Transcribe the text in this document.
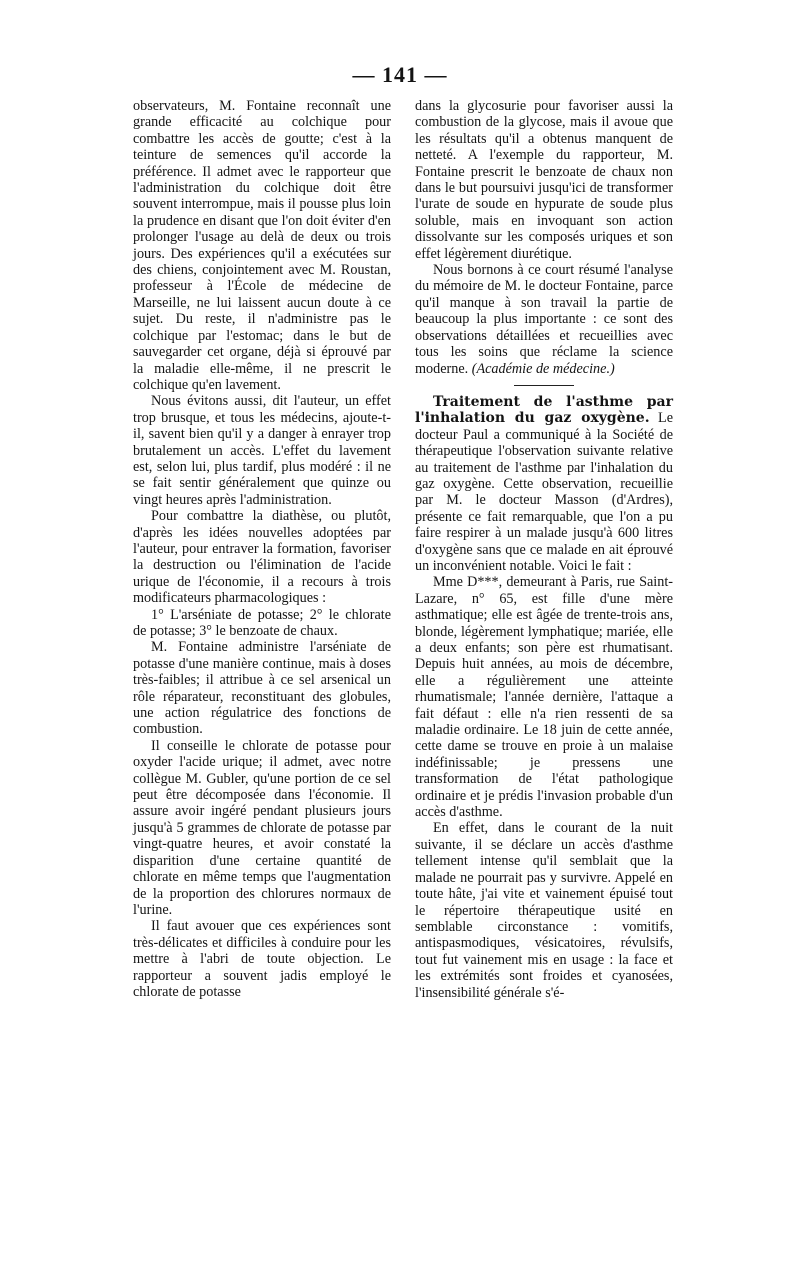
— 141 —

observateurs, M. Fontaine reconnaît une grande efficacité au colchique pour combattre les accès de goutte; c'est à la teinture de semences qu'il accorde la préférence. Il admet avec le rapporteur que l'administration du colchique doit être souvent interrompue, mais il pousse plus loin la prudence en disant que l'on doit éviter d'en prolonger l'usage au delà de deux ou trois jours. Des expériences qu'il a exécutées sur des chiens, conjointement avec M. Roustan, professeur à l'École de médecine de Marseille, ne lui laissent aucun doute à ce sujet. Du reste, il n'administre pas le colchique par l'estomac; dans le but de sauvegarder cet organe, déjà si éprouvé par la maladie elle-même, il ne prescrit le colchique qu'en lavement.

Nous évitons aussi, dit l'auteur, un effet trop brusque, et tous les médecins, ajoute-t-il, savent bien qu'il y a danger à enrayer trop brutalement un accès. L'effet du lavement est, selon lui, plus tardif, plus modéré : il ne se fait sentir généralement que quinze ou vingt heures après l'administration.

Pour combattre la diathèse, ou plutôt, d'après les idées nouvelles adoptées par l'auteur, pour entraver la formation, favoriser la destruction ou l'élimination de l'acide urique de l'économie, il a recours à trois modificateurs pharmacologiques :

1° L'arséniate de potasse; 2° le chlorate de potasse; 3° le benzoate de chaux.

M. Fontaine administre l'arséniate de potasse d'une manière continue, mais à doses très-faibles; il attribue à ce sel arsenical un rôle réparateur, reconstituant des globules, une action régulatrice des fonctions de combustion.

Il conseille le chlorate de potasse pour oxyder l'acide urique; il admet, avec notre collègue M. Gubler, qu'une portion de ce sel peut être décomposée dans l'économie. Il assure avoir ingéré pendant plusieurs jours jusqu'à 5 grammes de chlorate de potasse par vingt-quatre heures, et avoir constaté la disparition d'une certaine quantité de chlorate en même temps que l'augmentation de la proportion des chlorures normaux de l'urine.

Il faut avouer que ces expériences sont très-délicates et difficiles à conduire pour les mettre à l'abri de toute objection. Le rapporteur a souvent jadis employé le chlorate de potasse

dans la glycosurie pour favoriser aussi la combustion de la glycose, mais il avoue que les résultats qu'il a obtenus manquent de netteté. A l'exemple du rapporteur, M. Fontaine prescrit le benzoate de chaux non dans le but poursuivi jusqu'ici de transformer l'urate de soude en hypurate de soude plus soluble, mais en invoquant son action dissolvante sur les composés uriques et son effet légèrement diurétique.

Nous bornons à ce court résumé l'analyse du mémoire de M. le docteur Fontaine, parce qu'il manque à son travail la partie de beaucoup la plus importante : ce sont des observations détaillées et recueillies avec tous les soins que réclame la science moderne. (Académie de médecine.)

Traitement de l'asthme par l'inhalation du gaz oxygène. Le docteur Paul a communiqué à la Société de thérapeutique l'observation suivante relative au traitement de l'asthme par l'inhalation du gaz oxygène. Cette observation, recueillie par M. le docteur Masson (d'Ardres), présente ce fait remarquable, que l'on a pu faire respirer à un malade jusqu'à 600 litres d'oxygène sans que ce malade en ait éprouvé un inconvénient notable. Voici le fait :

Mme D***, demeurant à Paris, rue Saint-Lazare, n° 65, est fille d'une mère asthmatique; elle est âgée de trente-trois ans, blonde, légèrement lymphatique; mariée, elle a deux enfants; son père est rhumatisant. Depuis huit années, au mois de décembre, elle a régulièrement une atteinte rhumatismale; l'année dernière, l'attaque a fait défaut : elle n'a rien ressenti de sa maladie ordinaire. Le 18 juin de cette année, cette dame se trouve en proie à un malaise indéfinissable; je pressens une transformation de l'état pathologique ordinaire et je prédis l'invasion probable d'un accès d'asthme.

En effet, dans le courant de la nuit suivante, il se déclare un accès d'asthme tellement intense qu'il semblait que la malade ne pourrait pas y survivre. Appelé en toute hâte, j'ai vite et vainement épuisé tout le répertoire thérapeutique usité en semblable circonstance : vomitifs, antispasmodiques, vésicatoires, révulsifs, tout fut vainement mis en usage : la face et les extrémités sont froides et cyanosées, l'insensibilité générale s'é-
